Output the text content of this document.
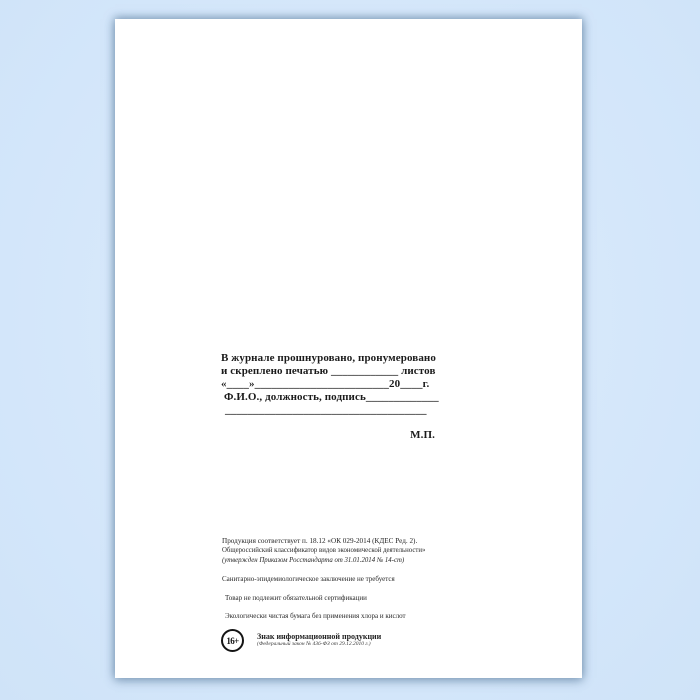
В журнале прошнуровано, пронумеровано
и скреплено печатью ____________ листов
«____»________________________20____г.
Ф.И.О., должность, подпись_____________
____________________________________
М.П.
Продукция соответствует п. 18.12 «ОК 029-2014 (КДЕС Ред. 2).
Общероссийский классификатор видов экономической деятельности»
(утвержден Приказом Росстандарта от 31.01.2014 № 14-ст)
Санитарно-эпидемиологическое заключение не требуется
Товар не подлежит обязательной сертификации
Экологически чистая бумага без применения хлора и кислот
16+	Знак информационной продукции
(Федеральный закон № 436-ФЗ от 29.12.2010 г.)
